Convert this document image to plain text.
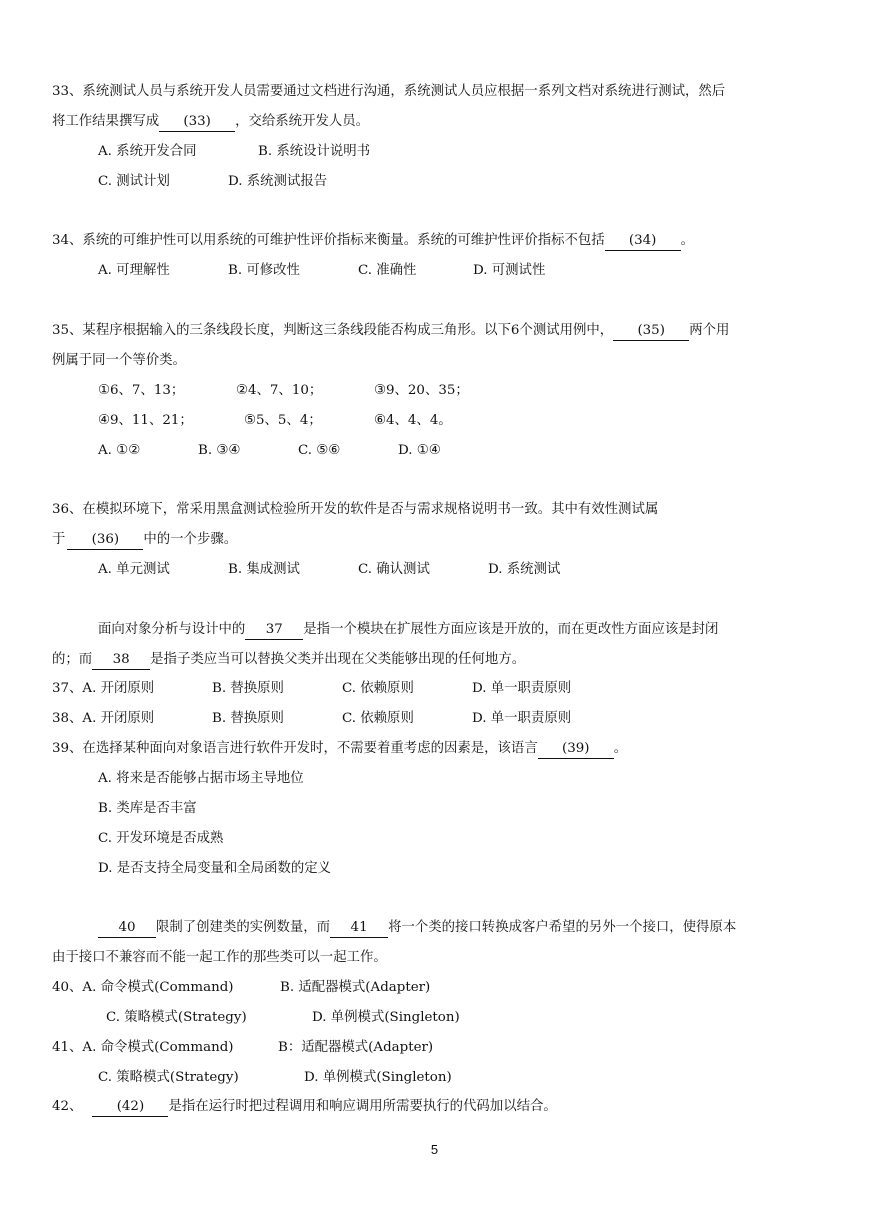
33、系统测试人员与系统开发人员需要通过文档进行沟通，系统测试人员应根据一系列文档对系统进行测试，然后
将工作结果撰写成 (33) ，交给系统开发人员。
A. 系统开发合同	B. 系统设计说明书
C. 测试计划	D. 系统测试报告
34、系统的可维护性可以用系统的可维护性评价指标来衡量。系统的可维护性评价指标不包括 (34) 。
A. 可理解性	B. 可修改性	C. 准确性	D. 可测试性
35、某程序根据输入的三条线段长度，判断这三条线段能否构成三角形。以下6个测试用例中， (35) 两个用
例属于同一个等价类。
①6、7、13；	②4、7、10；	③9、20、35；
④9、11、21；	⑤5、5、4；	⑥4、4、4。
A. ①②	B. ③④	C. ⑤⑥	D. ①④
36、在模拟环境下，常采用黑盒测试检验所开发的软件是否与需求规格说明书一致。其中有效性测试属
于 (36) 中的一个步骤。
A. 单元测试	B. 集成测试	C. 确认测试	D. 系统测试
面向对象分析与设计中的 37 是指一个模块在扩展性方面应该是开放的，而在更改性方面应该是封闭
的；而 38 是指子类应当可以替换父类并出现在父类能够出现的任何地方。
37、A. 开闭原则	B. 替换原则	C. 依赖原则	D. 单一职责原则
38、A. 开闭原则	B. 替换原则	C. 依赖原则	D. 单一职责原则
39、在选择某种面向对象语言进行软件开发时，不需要着重考虑的因素是，该语言 (39) 。
A. 将来是否能够占据市场主导地位
B. 类库是否丰富
C. 开发环境是否成熟
D. 是否支持全局变量和全局函数的定义
40 限制了创建类的实例数量，而 41 将一个类的接口转换成客户希望的另外一个接口，使得原本
由于接口不兼容而不能一起工作的那些类可以一起工作。
40、A. 命令模式(Command)	B. 适配器模式(Adapter)
C. 策略模式(Strategy)	D. 单例模式(Singleton)
41、A. 命令模式(Command)	B：适配器模式(Adapter)
C. 策略模式(Strategy)	D. 单例模式(Singleton)
42、	(42) 是指在运行时把过程调用和响应调用所需要执行的代码加以结合。
5
